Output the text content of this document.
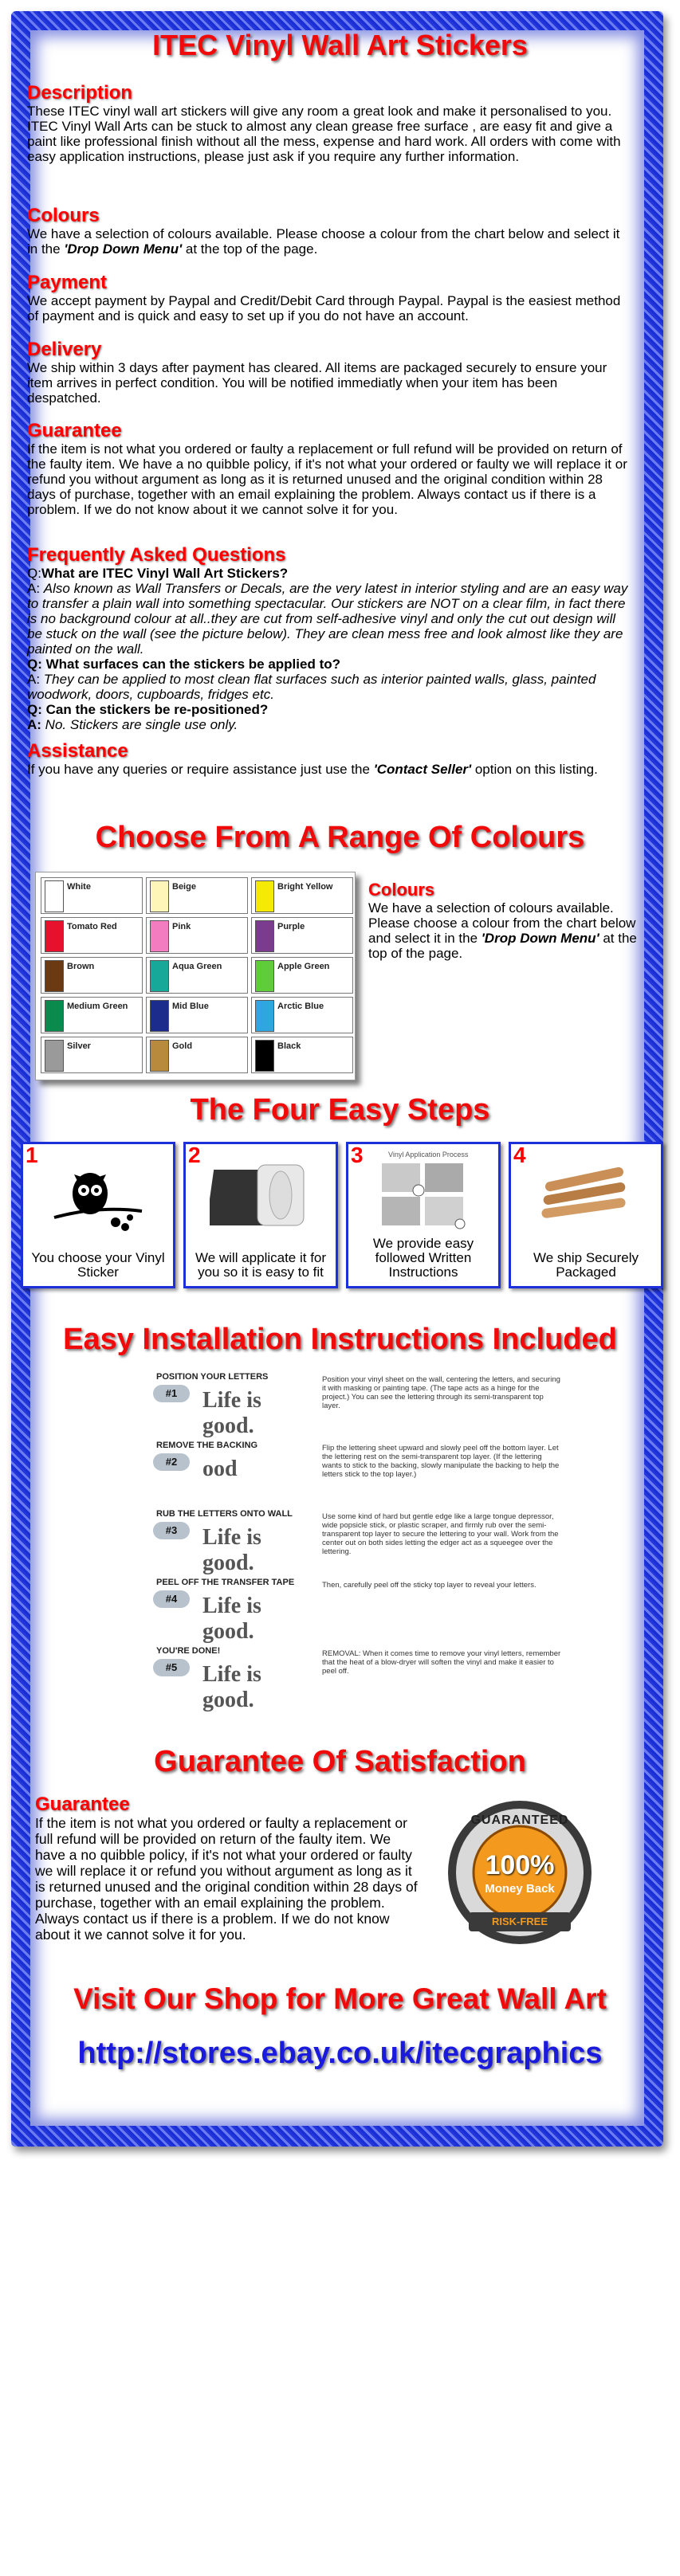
ITEC Vinyl Wall Art Stickers
Description

These ITEC vinyl wall art stickers will give any room a great look and make it personalised to you.

ITEC Vinyl Wall Arts can be stuck to almost any clean grease free surface , are easy fit and give a paint like professional finish without all the mess, expense and hard work. All orders with come with easy application instructions, please just ask if you require any further information.

Colours

We have a selection of colours available. Please choose a colour from the chart below and select it in the 'Drop Down Menu' at the top of the page.

Payment

We accept payment by Paypal and Credit/Debit Card through Paypal. Paypal is the easiest method of payment and is quick and easy to set up if you do not have an account.

Delivery

We ship within 3 days after payment has cleared. All items are packaged securely to ensure your item arrives in perfect condition. You will be notified immediatly when your item has been despatched.

Guarantee

If the item is not what you ordered or faulty a replacement or full refund will be provided on return of the faulty item. We have a no quibble policy, if it's not what your ordered or faulty we will replace it or refund you without argument as long as it is returned unused and the original condition within 28 days of purchase, together with an email explaining the problem. Always contact us if there is a problem. If we do not know about it we cannot solve it for you.

Frequently Asked Questions

Q:What are ITEC Vinyl Wall Art Stickers?

A: Also known as Wall Transfers or Decals, are the very latest in interior styling and are an easy way to transfer a plain wall into something spectacular. Our stickers are NOT on a clear film, in fact there is no background colour at all..they are cut from self-adhesive vinyl and only the cut out design will be stuck on the wall (see the picture below). They are clean mess free and look almost like they are painted on the wall.

Q: What surfaces can the stickers be applied to?

A: They can be applied to most clean flat surfaces such as interior painted walls, glass, painted woodwork, doors, cupboards, fridges etc.

Q: Can the stickers be re-positioned?

A: No. Stickers are single use only.

Assistance

If you have any queries or require assistance just use the 'Contact Seller' option on this listing.

Choose From A Range Of Colours
White	Beige	Bright Yellow
Tomato Red	Pink	Purple
Brown	Aqua Green	Apple Green
Medium Green	Mid Blue	Arctic Blue
Silver	Gold	Black
Colours

We have a selection of colours available. Please choose a colour from the chart below and select it in the 'Drop Down Menu' at the top of the page.

The Four Easy Steps
1
You choose your Vinyl Sticker
2
We will applicate it for you so it is easy to fit
3	Vinyl Application Process
We provide easy followed Written Instructions
4
We ship Securely Packaged
Easy Installation Instructions Included
POSITION YOUR LETTERS
#1	Life is good.
Position your vinyl sheet on the wall, centering the letters, and securing it with masking or painting tape. (The tape acts as a hinge for the project.) You can see the lettering through its semi-transparent top layer.
REMOVE THE BACKING
#2	ood
Flip the lettering sheet upward and slowly peel off the bottom layer. Let the lettering rest on the semi-transparent top layer. (If the lettering wants to stick to the backing, slowly manipulate the backing to help the letters stick to the top layer.)
RUB THE LETTERS ONTO WALL
#3	Life is good.
Use some kind of hard but gentle edge like a large tongue depressor, wide popsicle stick, or plastic scraper, and firmly rub over the semi-transparent top layer to secure the lettering to your wall. Work from the center out on both sides letting the edger act as a squeegee over the lettering.
PEEL OFF THE TRANSFER TAPE
#4	Life is good.
Then, carefully peel off the sticky top layer to reveal your letters.
YOU'RE DONE!
#5	Life is good.
REMOVAL: When it comes time to remove your vinyl letters, remember that the heat of a blow-dryer will soften the vinyl and make it easier to peel off.
Guarantee Of Satisfaction
Guarantee

If the item is not what you ordered or faulty a replacement or full refund will be provided on return of the faulty item. We have a no quibble policy, if it's not what your ordered or faulty we will replace it or refund you without argument as long as it is returned unused and the original condition within 28 days of purchase, together with an email explaining the problem. Always contact us if there is a problem. If we do not know about it we cannot solve it for you.

GUARANTEED
100%
Money Back
RISK-FREE
Visit Our Shop for More Great Wall Art
http://stores.ebay.co.uk/itecgraphics
